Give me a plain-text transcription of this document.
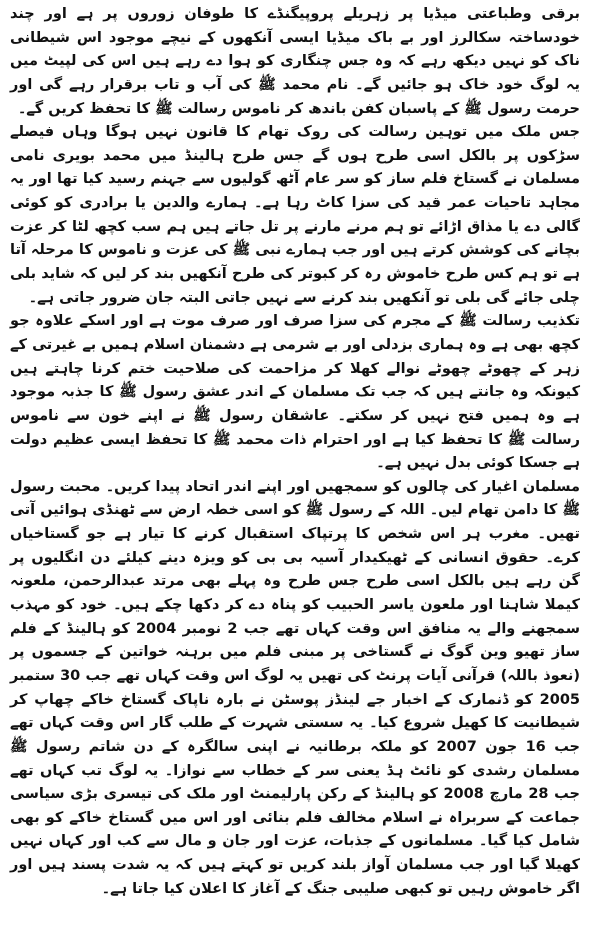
برقی وطباعتی میڈیا پر زہریلے پروپیگنڈے کا طوفان زوروں پر ہے اور چند خودساختہ سکالرز اور بے باک میڈیا ایسی آنکھوں کے نیچے موجود اس شیطانی ناک کو نہیں دیکھ رہے کہ وہ جس چنگاری کو ہوا دے رہے ہیں اس کی لپیٹ میں یہ لوگ خود خاک ہو جائیں گے۔ نام محمد ﷺ کی آب و تاب برقرار رہے گی اور حرمت رسول ﷺ کے پاسبان کفن باندھ کر ناموس رسالت ﷺ کا تحفظ کریں گے۔

جس ملک میں توہین رسالت کی روک تھام کا قانون نہیں ہوگا وہاں فیصلے سڑکوں پر بالکل اسی طرح ہوں گے جس طرح ہالینڈ میں محمد بویری نامی مسلمان نے گستاخ فلم ساز کو سر عام آٹھ گولیوں سے جہنم رسید کیا تھا اور یہ مجاہد تاحیات عمر قید کی سزا کاٹ رہا ہے۔ ہمارے والدین یا برادری کو کوئی گالی دے یا مذاق اڑائے تو ہم مرنے مارنے پر تل جاتے ہیں ہم سب کچھ لٹا کر عزت بچانے کی کوشش کرتے ہیں اور جب ہمارے نبی ﷺ کی عزت و ناموس کا مرحلہ آتا ہے تو ہم کس طرح خاموش رہ کر کبوتر کی طرح آنکھیں بند کر لیں کہ شاید بلی چلی جائے گی بلی تو آنکھیں بند کرنے سے نہیں جاتی البتہ جان ضرور جاتی ہے۔

تکذیب رسالت ﷺ کے مجرم کی سزا صرف اور صرف موت ہے اور اسکے علاوہ جو کچھ بھی ہے وہ ہماری بزدلی اور بے شرمی ہے دشمنان اسلام ہمیں بے غیرتی کے زہر کے چھوٹے چھوٹے نوالے کھلا کر مزاحمت کی صلاحیت ختم کرنا چاہتے ہیں کیونکہ وہ جانتے ہیں کہ جب تک مسلمان کے اندر عشق رسول ﷺ کا جذبہ موجود ہے وہ ہمیں فتح نہیں کر سکتے۔ عاشقان رسول ﷺ نے اپنے خون سے ناموس رسالت ﷺ کا تحفظ کیا ہے اور احترام ذات محمد ﷺ کا تحفظ ایسی عظیم دولت ہے جسکا کوئی بدل نہیں ہے۔

مسلمان اغیار کی چالوں کو سمجھیں اور اپنے اندر اتحاد پیدا کریں۔ محبت رسول ﷺ کا دامن تھام لیں۔ اللہ کے رسول ﷺ کو اسی خطہ ارض سے ٹھنڈی ہوائیں آتی تھیں۔ مغرب ہر اس شخص کا پرتپاک استقبال کرنے کا تیار ہے جو گستاخیاں کرے۔ حقوق انسانی کے ٹھیکیدار آسیہ بی بی کو ویزہ دینے کیلئے دن انگلیوں پر گن رہے ہیں بالکل اسی طرح جس طرح وہ پہلے بھی مرتد عبدالرحمن، ملعونہ کیملا شاہنا اور ملعون یاسر الحبیب کو پناہ دے کر دکھا چکے ہیں۔ خود کو مہذب سمجھنے والے یہ منافق اس وقت کہاں تھے جب 2 نومبر 2004 کو ہالینڈ کے فلم ساز تھیو وین گوگ نے گستاخی پر مبنی فلم میں برہنہ خواتین کے جسموں پر (نعوذ باللہ) قرآنی آیات پرنٹ کی تھیں یہ لوگ اس وقت کہاں تھے جب 30 ستمبر 2005 کو ڈنمارک کے اخبار جے لینڈز پوسٹن نے بارہ ناپاک گستاخ خاکے چھاپ کر شیطانیت کا کھیل شروع کیا۔ یہ سستی شہرت کے طلب گار اس وقت کہاں تھے جب 16 جون 2007 کو ملکہ برطانیہ نے اپنی سالگرہ کے دن شاتم رسول ﷺ مسلمان رشدی کو نائٹ ہڈ یعنی سر کے خطاب سے نوازا۔ یہ لوگ تب کہاں تھے جب 28 مارچ 2008 کو ہالینڈ کے رکن پارلیمنٹ اور ملک کی تیسری بڑی سیاسی جماعت کے سربراہ نے اسلام مخالف فلم بنائی اور اس میں گستاخ خاکے کو بھی شامل کیا گیا۔ مسلمانوں کے جذبات، عزت اور جان و مال سے کب اور کہاں نہیں کھیلا گیا اور جب مسلمان آواز بلند کریں تو کہتے ہیں کہ یہ شدت پسند ہیں اور اگر خاموش رہیں تو کبھی صلیبی جنگ کے آغاز کا اعلان کیا جاتا ہے۔
